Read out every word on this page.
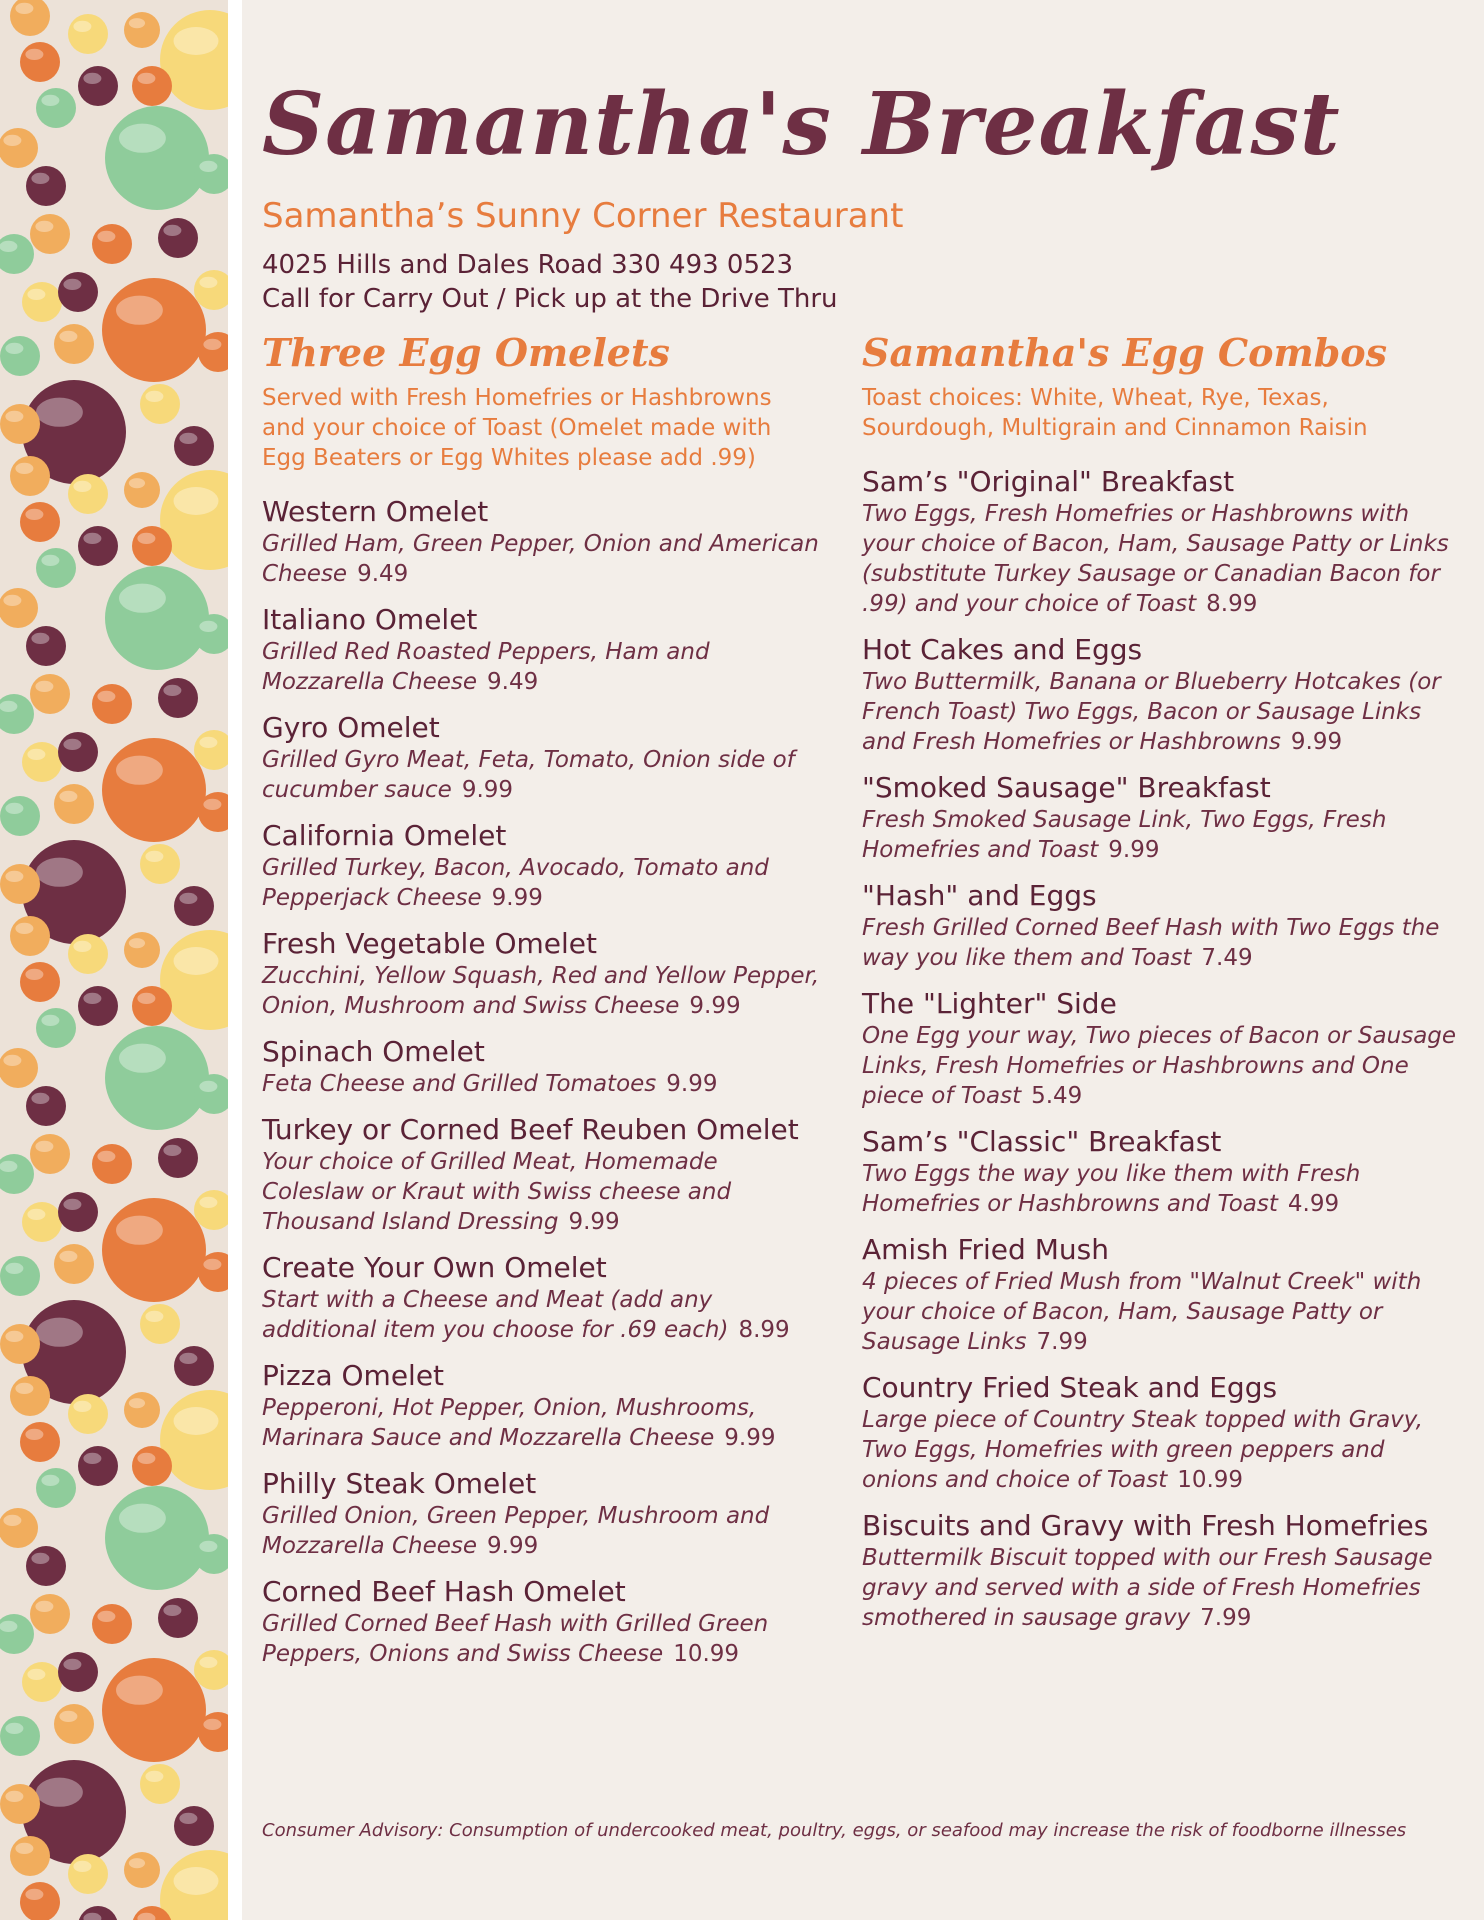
Samantha's Breakfast
Samantha’s Sunny Corner Restaurant
4025 Hills and Dales Road 330 493 0523
Call for Carry Out / Pick up at the Drive Thru
Three Egg Omelets
Served with Fresh Homefries or Hashbrowns and your choice of Toast (Omelet made with Egg Beaters or Egg Whites please add .99)
Western Omelet
Grilled Ham, Green Pepper, Onion and American Cheese 9.49
Italiano Omelet
Grilled Red Roasted Peppers, Ham and Mozzarella Cheese 9.49
Gyro Omelet
Grilled Gyro Meat, Feta, Tomato, Onion side of cucumber sauce 9.99
California Omelet
Grilled Turkey, Bacon, Avocado, Tomato and Pepperjack Cheese 9.99
Fresh Vegetable Omelet
Zucchini, Yellow Squash, Red and Yellow Pepper, Onion, Mushroom and Swiss Cheese 9.99
Spinach Omelet
Feta Cheese and Grilled Tomatoes 9.99
Turkey or Corned Beef Reuben Omelet
Your choice of Grilled Meat, Homemade Coleslaw or Kraut with Swiss cheese and Thousand Island Dressing 9.99
Create Your Own Omelet
Start with a Cheese and Meat (add any additional item you choose for .69 each) 8.99
Pizza Omelet
Pepperoni, Hot Pepper, Onion, Mushrooms, Marinara Sauce and Mozzarella Cheese 9.99
Philly Steak Omelet
Grilled Onion, Green Pepper, Mushroom and Mozzarella Cheese 9.99
Corned Beef Hash Omelet
Grilled Corned Beef Hash with Grilled Green Peppers, Onions and Swiss Cheese 10.99
Samantha's Egg Combos
Toast choices: White, Wheat, Rye, Texas, Sourdough, Multigrain and Cinnamon Raisin
Sam’s "Original" Breakfast
Two Eggs, Fresh Homefries or Hashbrowns with your choice of Bacon, Ham, Sausage Patty or Links (substitute Turkey Sausage or Canadian Bacon for .99) and your choice of Toast 8.99
Hot Cakes and Eggs
Two Buttermilk, Banana or Blueberry Hotcakes (or French Toast) Two Eggs, Bacon or Sausage Links and Fresh Homefries or Hashbrowns 9.99
"Smoked Sausage" Breakfast
Fresh Smoked Sausage Link, Two Eggs, Fresh Homefries and Toast 9.99
"Hash" and Eggs
Fresh Grilled Corned Beef Hash with Two Eggs the way you like them and Toast 7.49
The "Lighter" Side
One Egg your way, Two pieces of Bacon or Sausage Links, Fresh Homefries or Hashbrowns and One piece of Toast 5.49
Sam’s "Classic" Breakfast
Two Eggs the way you like them with Fresh Homefries or Hashbrowns and Toast 4.99
Amish Fried Mush
4 pieces of Fried Mush from "Walnut Creek" with your choice of Bacon, Ham, Sausage Patty or Sausage Links 7.99
Country Fried Steak and Eggs
Large piece of Country Steak topped with Gravy, Two Eggs, Homefries with green peppers and onions and choice of Toast 10.99
Biscuits and Gravy with Fresh Homefries
Buttermilk Biscuit topped with our Fresh Sausage gravy and served with a side of Fresh Homefries smothered in sausage gravy 7.99
Consumer Advisory: Consumption of undercooked meat, poultry, eggs, or seafood may increase the risk of foodborne illnesses
